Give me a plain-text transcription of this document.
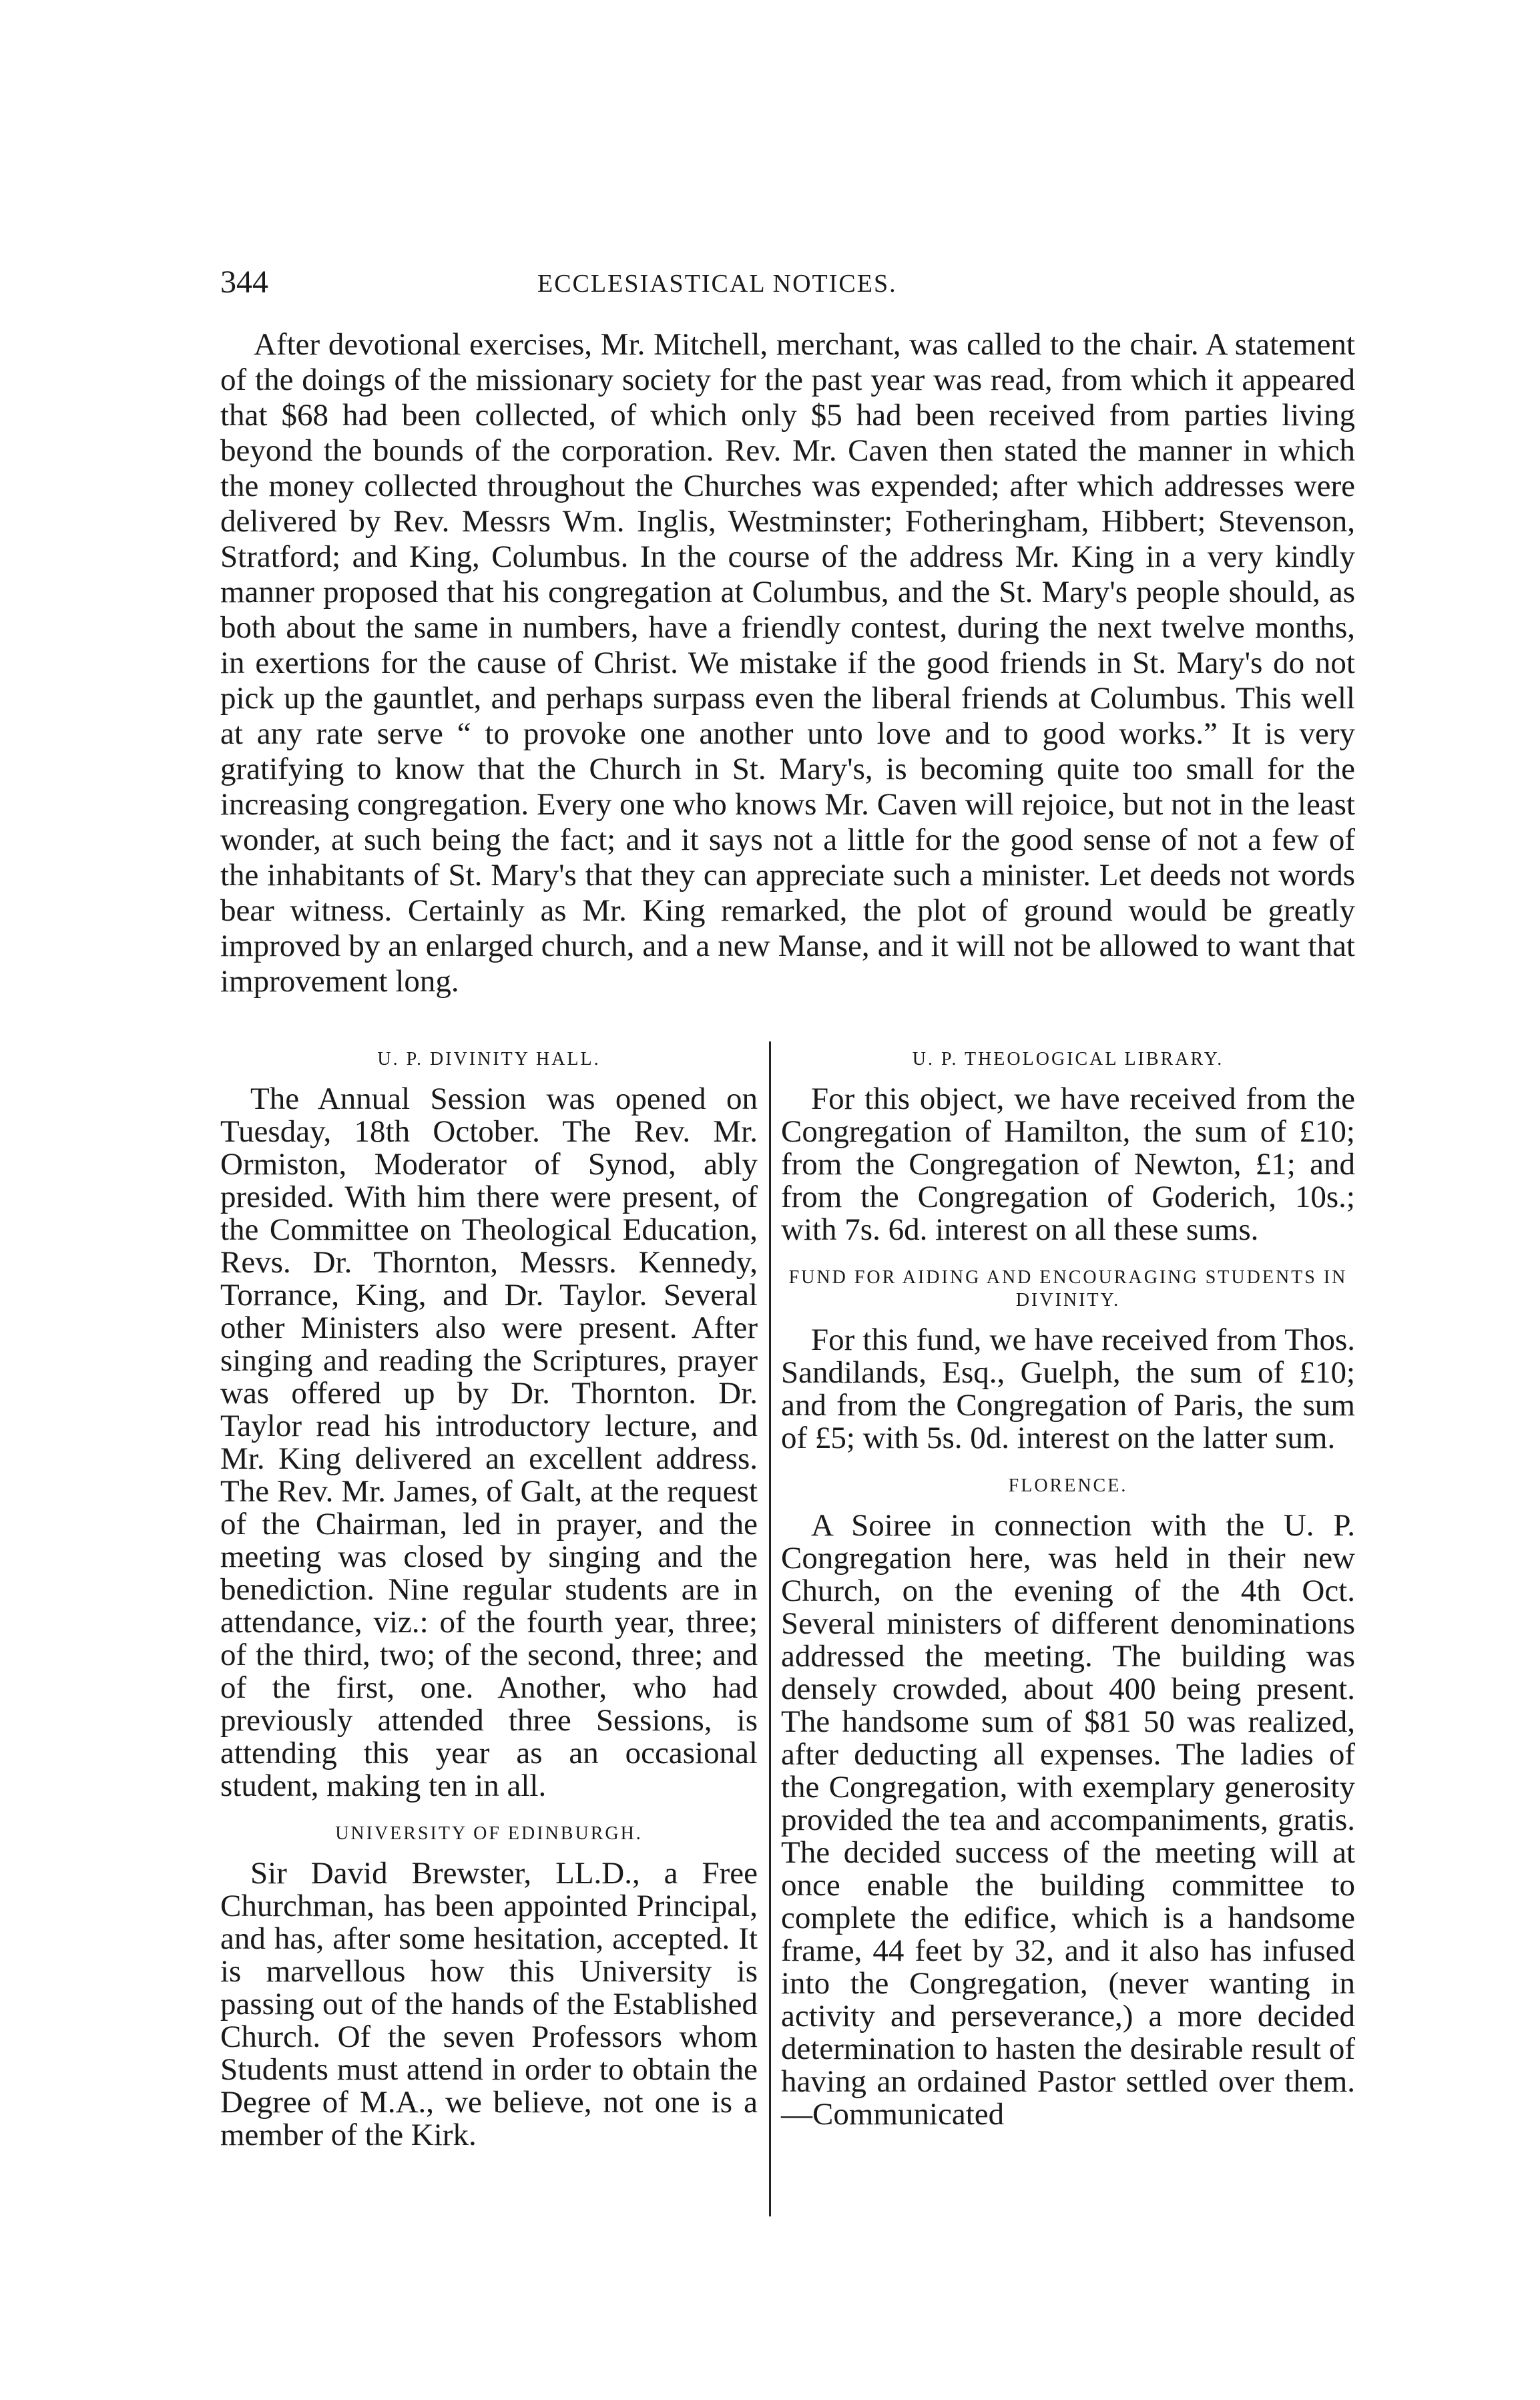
344	ECCLESIASTICAL NOTICES.

After devotional exercises, Mr. Mitchell, merchant, was called to the chair. A statement of the doings of the missionary society for the past year was read, from which it appeared that $68 had been collected, of which only $5 had been received from parties living beyond the bounds of the corporation. Rev. Mr. Caven then stated the manner in which the money collected throughout the Churches was expended; after which addresses were delivered by Rev. Messrs Wm. Inglis, Westminster; Fotheringham, Hibbert; Stevenson, Stratford; and King, Columbus. In the course of the address Mr. King in a very kindly manner proposed that his congregation at Columbus, and the St. Mary's people should, as both about the same in numbers, have a friendly contest, during the next twelve months, in exertions for the cause of Christ. We mistake if the good friends in St. Mary's do not pick up the gauntlet, and perhaps surpass even the liberal friends at Columbus. This well at any rate serve “ to provoke one another unto love and to good works.” It is very gratifying to know that the Church in St. Mary's, is becoming quite too small for the increasing congregation. Every one who knows Mr. Caven will rejoice, but not in the least wonder, at such being the fact; and it says not a little for the good sense of not a few of the inhabitants of St. Mary's that they can appreciate such a minister. Let deeds not words bear witness. Certainly as Mr. King remarked, the plot of ground would be greatly improved by an enlarged church, and a new Manse, and it will not be allowed to want that improvement long.

U. P. DIVINITY HALL.

The Annual Session was opened on Tuesday, 18th October. The Rev. Mr. Ormiston, Moderator of Synod, ably presided. With him there were present, of the Committee on Theological Education, Revs. Dr. Thornton, Messrs. Kennedy, Torrance, King, and Dr. Taylor. Several other Ministers also were present. After singing and reading the Scriptures, prayer was offered up by Dr. Thornton. Dr. Taylor read his introductory lecture, and Mr. King delivered an excellent address. The Rev. Mr. James, of Galt, at the request of the Chairman, led in prayer, and the meeting was closed by singing and the benediction. Nine regular students are in attendance, viz.: of the fourth year, three; of the third, two; of the second, three; and of the first, one. Another, who had previously attended three Sessions, is attending this year as an occasional student, making ten in all.

UNIVERSITY OF EDINBURGH.

Sir David Brewster, LL.D., a Free Churchman, has been appointed Principal, and has, after some hesitation, accepted. It is marvellous how this University is passing out of the hands of the Established Church. Of the seven Professors whom Students must attend in order to obtain the Degree of M.A., we believe, not one is a member of the Kirk.

U. P. THEOLOGICAL LIBRARY.

For this object, we have received from the Congregation of Hamilton, the sum of £10; from the Congregation of Newton, £1; and from the Congregation of Goderich, 10s.; with 7s. 6d. interest on all these sums.

FUND FOR AIDING AND ENCOURAGING STUDENTS IN DIVINITY.

For this fund, we have received from Thos. Sandilands, Esq., Guelph, the sum of £10; and from the Congregation of Paris, the sum of £5; with 5s. 0d. interest on the latter sum.

FLORENCE.

A Soiree in connection with the U. P. Congregation here, was held in their new Church, on the evening of the 4th Oct. Several ministers of different denominations addressed the meeting. The building was densely crowded, about 400 being present. The handsome sum of $81 50 was realized, after deducting all expenses. The ladies of the Congregation, with exemplary generosity provided the tea and accompaniments, gratis. The decided success of the meeting will at once enable the building committee to complete the edifice, which is a handsome frame, 44 feet by 32, and it also has infused into the Congregation, (never wanting in activity and perseverance,) a more decided determination to hasten the desirable result of having an ordained Pastor settled over them.—Communicated
